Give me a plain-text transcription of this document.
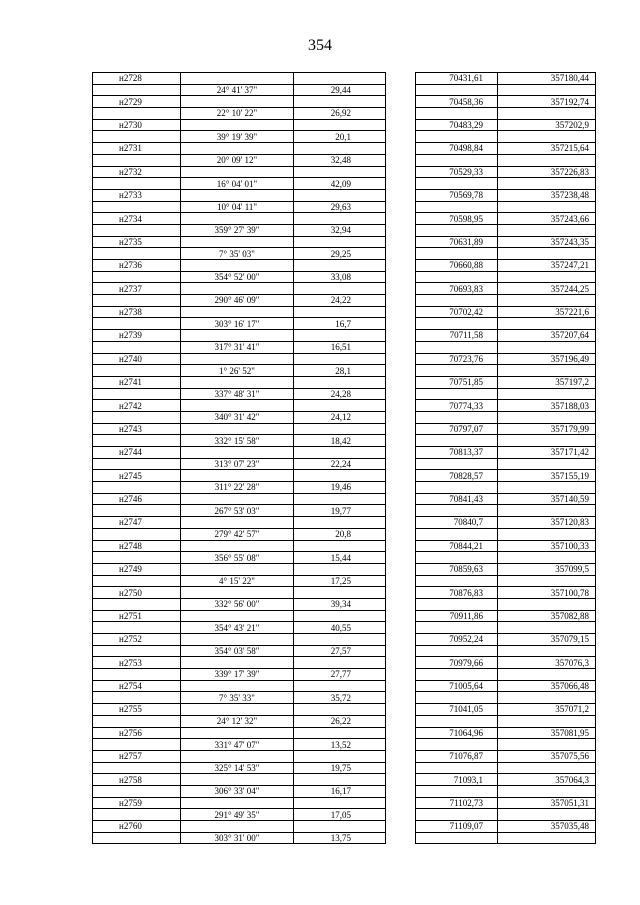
354
н2728				70431,61	357180,44
	24° 41' 37"	29,44			
н2729				70458,36	357192,74
	22° 10' 22"	26,92			
н2730				70483,29	357202,9
	39° 19' 39"	20,1			
н2731				70498,84	357215,64
	20° 09' 12"	32,48			
н2732				70529,33	357226,83
	16° 04' 01"	42,09			
н2733				70569,78	357238,48
	10° 04' 11"	29,63			
н2734				70598,95	357243,66
	359° 27' 39"	32,94			
н2735				70631,89	357243,35
	7° 35' 03"	29,25			
н2736				70660,88	357247,21
	354° 52' 00"	33,08			
н2737				70693,83	357244,25
	290° 46' 09"	24,22			
н2738				70702,42	357221,6
	303° 16' 17"	16,7			
н2739				70711,58	357207,64
	317° 31' 41"	16,51			
н2740				70723,76	357196,49
	1° 26' 52"	28,1			
н2741				70751,85	357197,2
	337° 48' 31"	24,28			
н2742				70774,33	357188,03
	340° 31' 42"	24,12			
н2743				70797,07	357179,99
	332° 15' 58"	18,42			
н2744				70813,37	357171,42
	313° 07' 23"	22,24			
н2745				70828,57	357155,19
	311° 22' 28"	19,46			
н2746				70841,43	357140,59
	267° 53' 03"	19,77			
н2747				70840,7	357120,83
	279° 42' 57"	20,8			
н2748				70844,21	357100,33
	356° 55' 08"	15,44			
н2749				70859,63	357099,5
	4° 15' 22"	17,25			
н2750				70876,83	357100,78
	332° 56' 00"	39,34			
н2751				70911,86	357082,88
	354° 43' 21"	40,55			
н2752				70952,24	357079,15
	354° 03' 58"	27,57			
н2753				70979,66	357076,3
	339° 17' 39"	27,77			
н2754				71005,64	357066,48
	7° 35' 33"	35,72			
н2755				71041,05	357071,2
	24° 12' 32"	26,22			
н2756				71064,96	357081,95
	331° 47' 07"	13,52			
н2757				71076,87	357075,56
	325° 14' 53"	19,75			
н2758				71093,1	357064,3
	306° 33' 04"	16,17			
н2759				71102,73	357051,31
	291° 49' 35"	17,05			
н2760				71109,07	357035,48
	303° 31' 00"	13,75			
